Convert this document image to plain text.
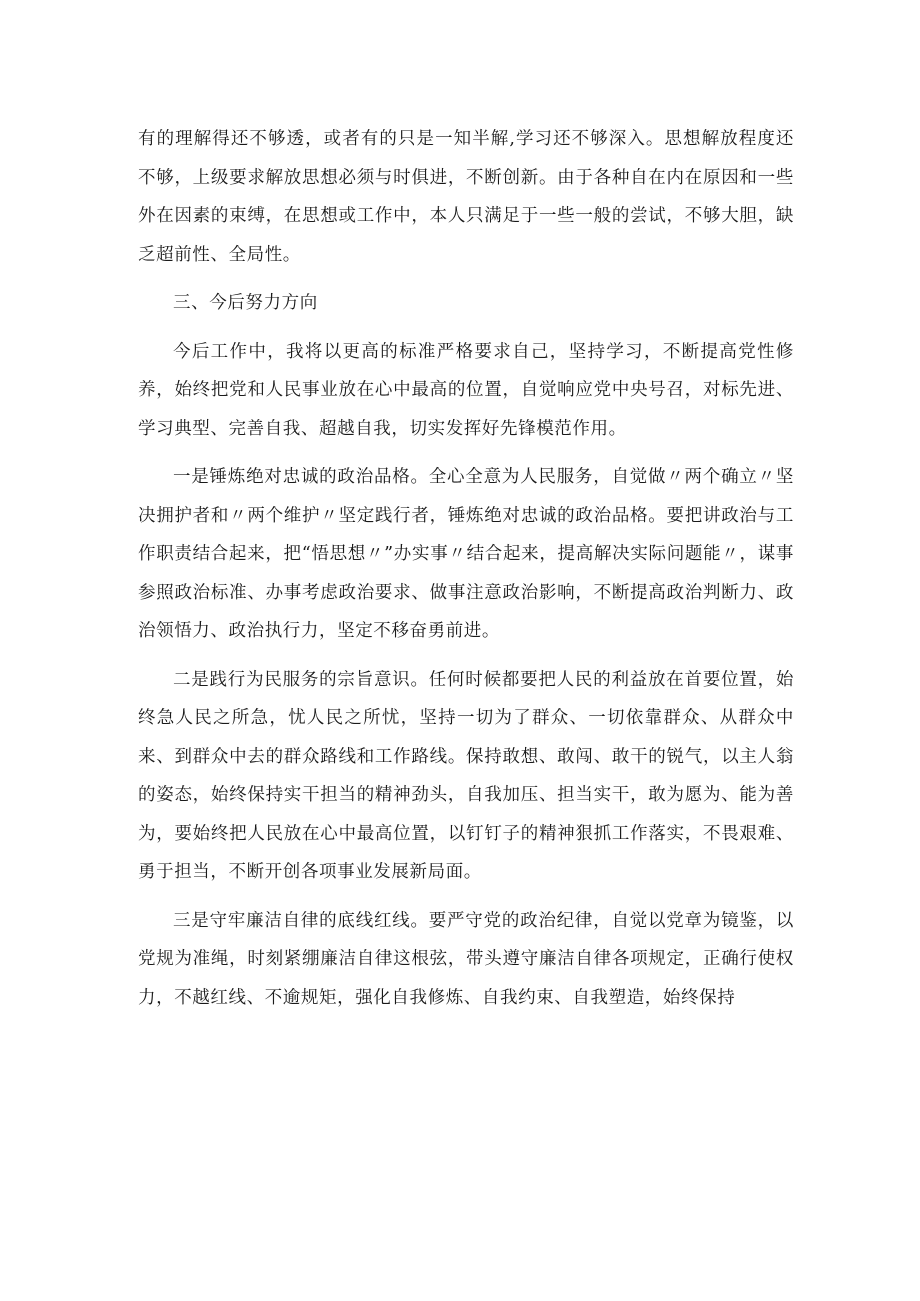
有的理解得还不够透，或者有的只是一知半解,学习还不够深入。思想解放程度还不够，上级要求解放思想必须与时俱进，不断创新。由于各种自在内在原因和一些外在因素的束缚，在思想或工作中，本人只满足于一些一般的尝试，不够大胆，缺乏超前性、全局性。

三、今后努力方向

今后工作中，我将以更高的标准严格要求自己，坚持学习，不断提高党性修养，始终把党和人民事业放在心中最高的位置，自觉响应党中央号召，对标先进、学习典型、完善自我、超越自我，切实发挥好先锋模范作用。

一是锤炼绝对忠诚的政治品格。全心全意为人民服务，自觉做〃两个确立〃坚决拥护者和〃两个维护〃坚定践行者，锤炼绝对忠诚的政治品格。要把讲政治与工作职责结合起来，把“悟思想〃”办实事〃结合起来，提高解决实际问题能〃，谋事参照政治标准、办事考虑政治要求、做事注意政治影响，不断提高政治判断力、政治领悟力、政治执行力，坚定不移奋勇前进。

二是践行为民服务的宗旨意识。任何时候都要把人民的利益放在首要位置，始终急人民之所急，忧人民之所忧，坚持一切为了群众、一切依靠群众、从群众中来、到群众中去的群众路线和工作路线。保持敢想、敢闯、敢干的锐气，以主人翁的姿态，始终保持实干担当的精神劲头，自我加压、担当实干，敢为愿为、能为善为，要始终把人民放在心中最高位置，以钉钉子的精神狠抓工作落实，不畏艰难、勇于担当，不断开创各项事业发展新局面。

三是守牢廉洁自律的底线红线。要严守党的政治纪律，自觉以党章为镜鉴，以党规为准绳，时刻紧绷廉洁自律这根弦，带头遵守廉洁自律各项规定，正确行使权力，不越红线、不逾规矩，强化自我修炼、自我约束、自我塑造，始终保持
